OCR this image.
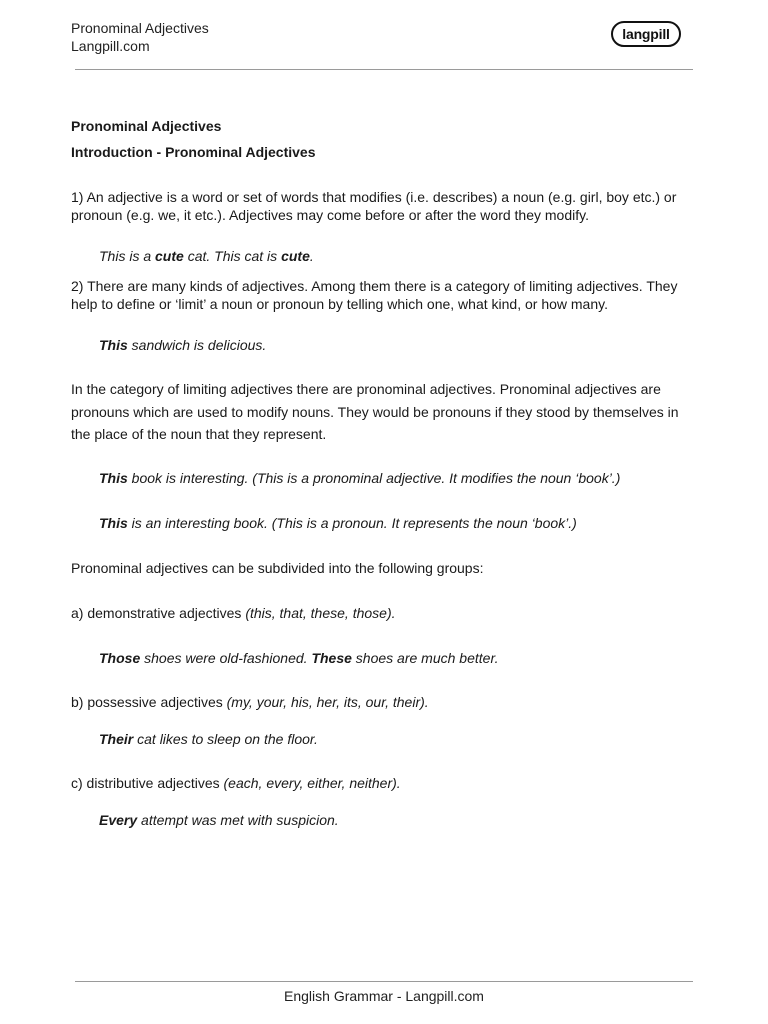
Pronominal Adjectives
Langpill.com
langpill
Pronominal Adjectives
Introduction - Pronominal Adjectives

1) An adjective is a word or set of words that modifies (i.e. describes) a noun (e.g. girl, boy etc.) or pronoun (e.g. we, it etc.). Adjectives may come before or after the word they modify.

This is a cute cat. This cat is cute.

2) There are many kinds of adjectives. Among them there is a category of limiting adjectives. They help to define or ‘limit’ a noun or pronoun by telling which one, what kind, or how many.

This sandwich is delicious.

In the category of limiting adjectives there are pronominal adjectives. Pronominal adjectives are pronouns which are used to modify nouns. They would be pronouns if they stood by themselves in the place of the noun that they represent.

This book is interesting. (This is a pronominal adjective. It modifies the noun ‘book’.)

This is an interesting book. (This is a pronoun. It represents the noun ‘book’.)

Pronominal adjectives can be subdivided into the following groups:

a) demonstrative adjectives (this, that, these, those).

Those shoes were old-fashioned. These shoes are much better.

b) possessive adjectives (my, your, his, her, its, our, their).

Their cat likes to sleep on the floor.

c) distributive adjectives (each, every, either, neither).

Every attempt was met with suspicion.

English Grammar - Langpill.com
